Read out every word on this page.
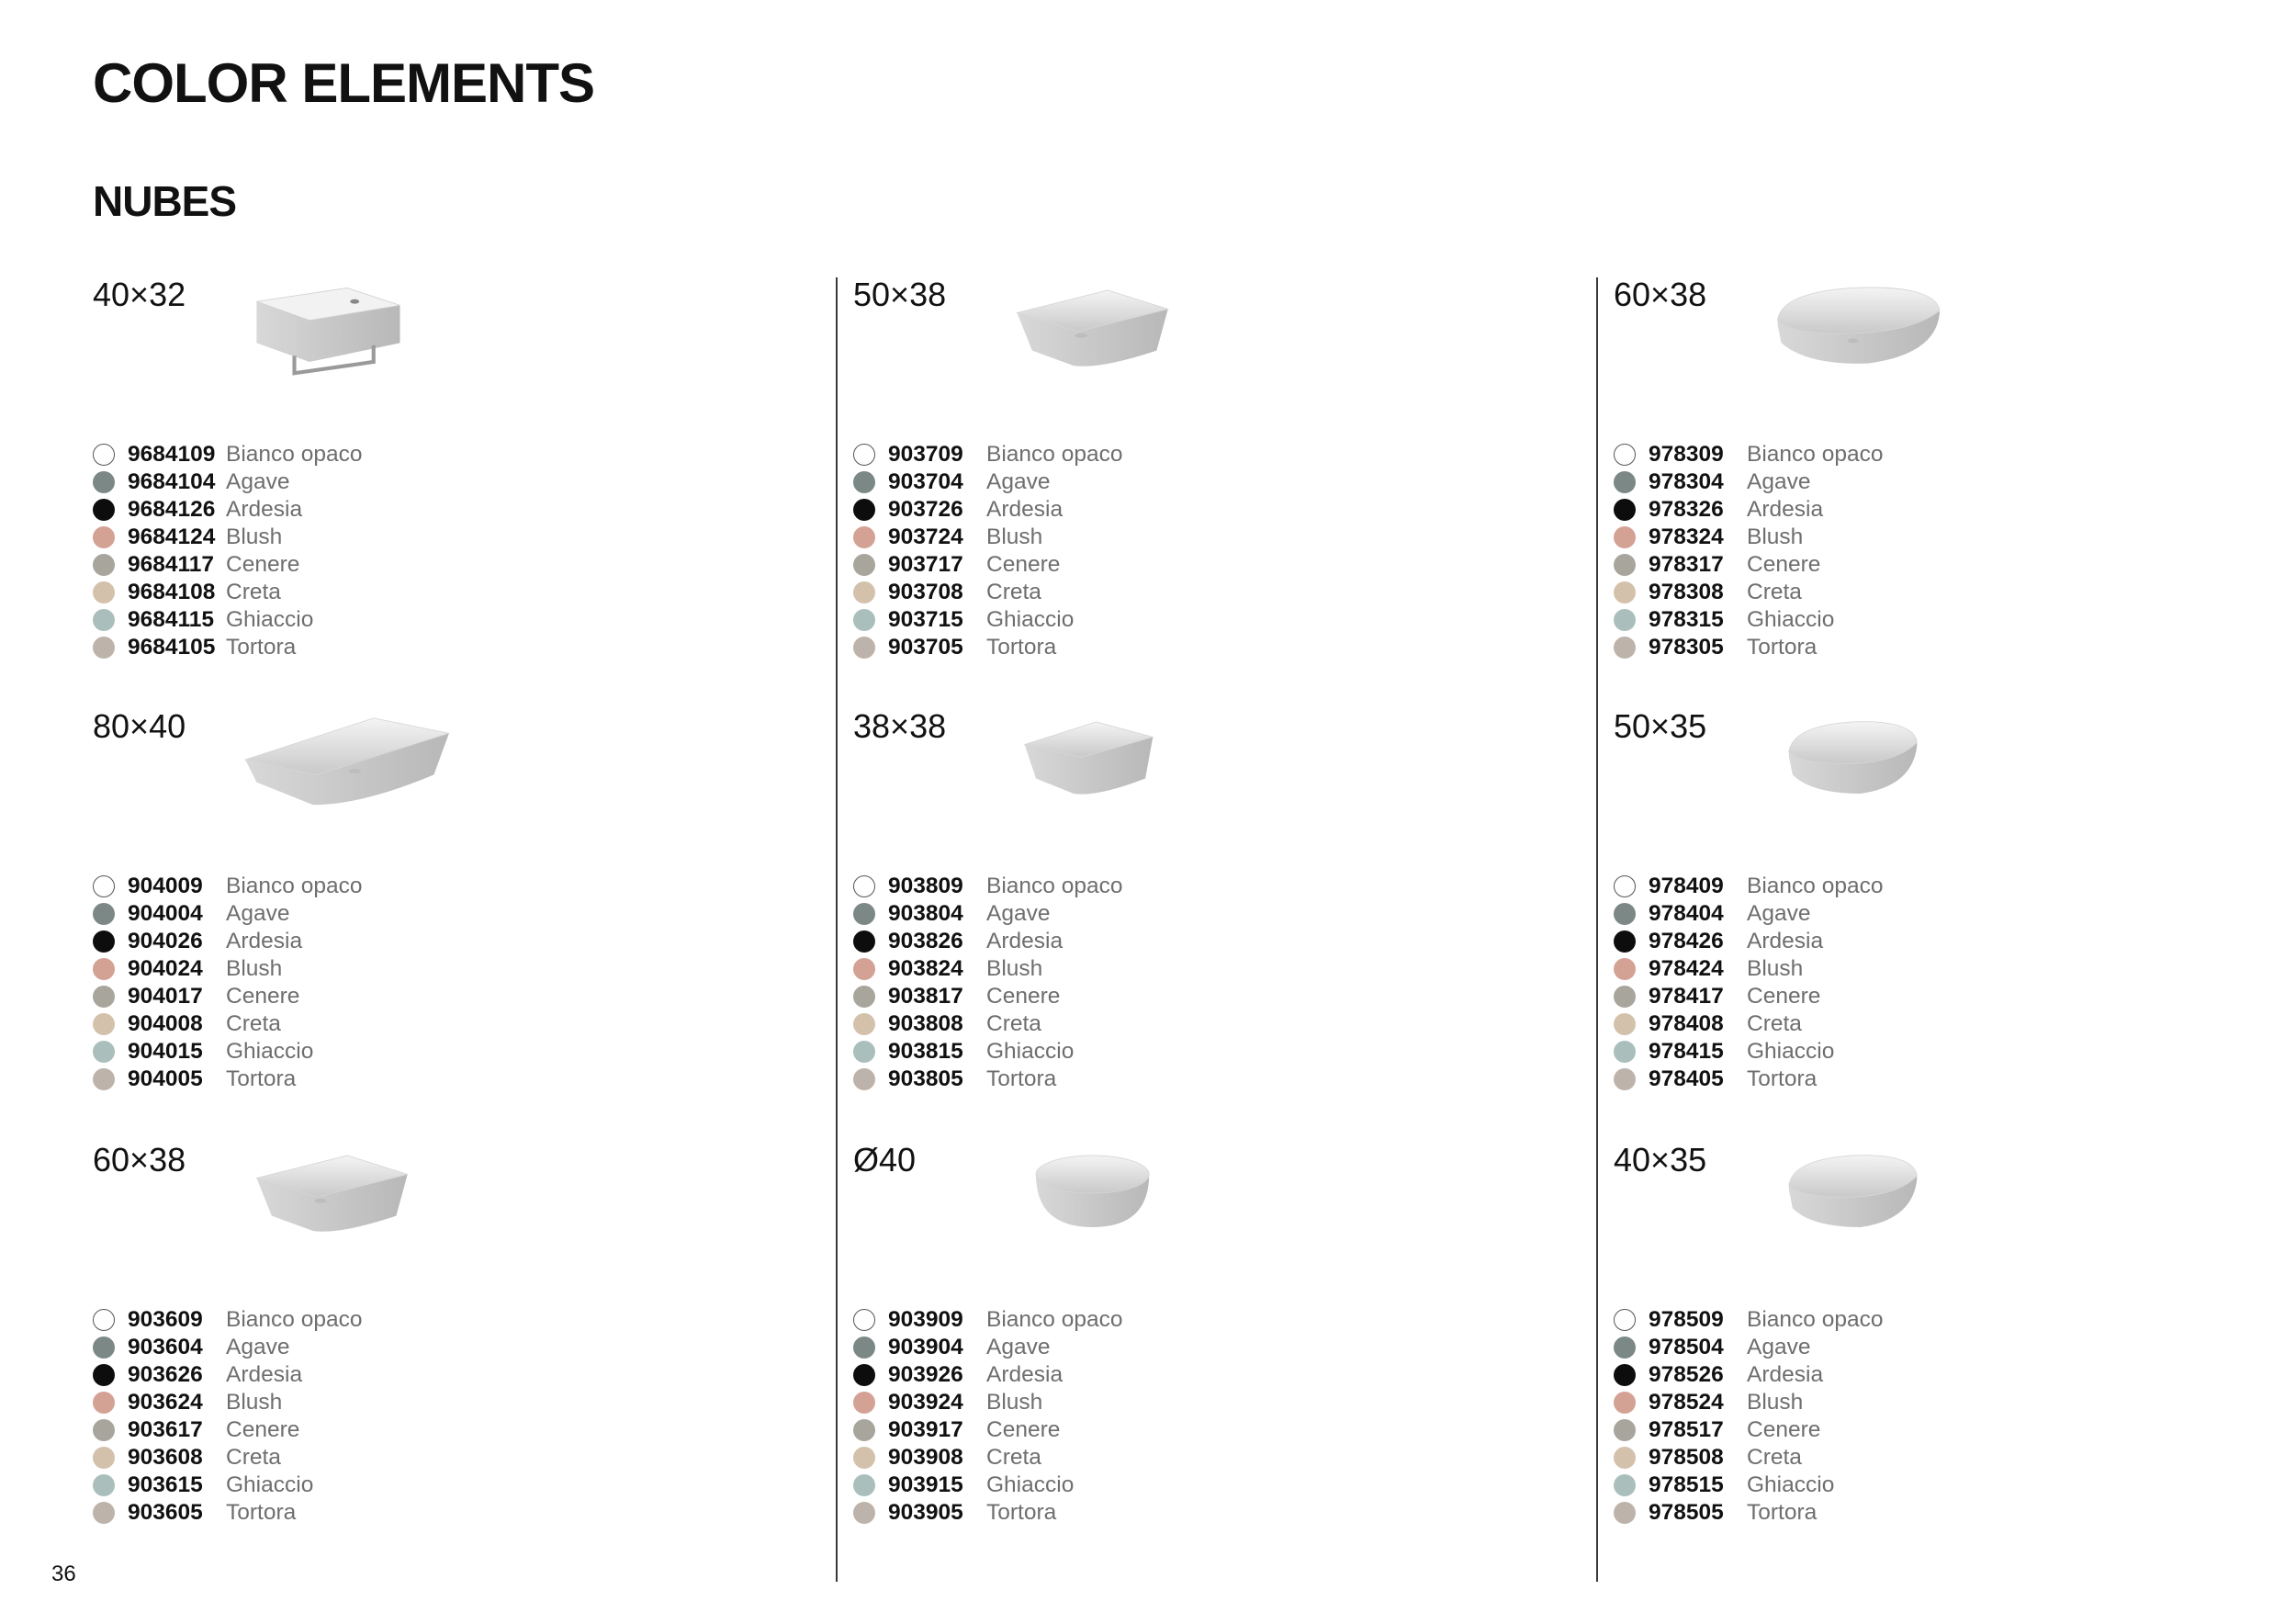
COLOR ELEMENTS
NUBES
40×32
9684109 Bianco opaco
9684104 Agave
9684126 Ardesia
9684124 Blush
9684117 Cenere
9684108 Creta
9684115 Ghiaccio
9684105 Tortora
50×38
903709	Bianco opaco
903704	Agave
903726	Ardesia
903724	Blush
903717	Cenere
903708	Creta
903715	Ghiaccio
903705	Tortora
60×38
978309	Bianco opaco
978304	Agave
978326	Ardesia
978324	Blush
978317	Cenere
978308	Creta
978315	Ghiaccio
978305	Tortora
80×40
904009	Bianco opaco
904004	Agave
904026	Ardesia
904024	Blush
904017	Cenere
904008	Creta
904015	Ghiaccio
904005	Tortora
38×38
903809	Bianco opaco
903804	Agave
903826	Ardesia
903824	Blush
903817	Cenere
903808	Creta
903815	Ghiaccio
903805	Tortora
50×35
978409	Bianco opaco
978404	Agave
978426	Ardesia
978424	Blush
978417	Cenere
978408	Creta
978415	Ghiaccio
978405	Tortora
60×38
903609	Bianco opaco
903604	Agave
903626	Ardesia
903624	Blush
903617	Cenere
903608	Creta
903615	Ghiaccio
903605	Tortora
Ø40
903909	Bianco opaco
903904	Agave
903926	Ardesia
903924	Blush
903917	Cenere
903908	Creta
903915	Ghiaccio
903905	Tortora
40×35
978509	Bianco opaco
978504	Agave
978526	Ardesia
978524	Blush
978517	Cenere
978508	Creta
978515	Ghiaccio
978505	Tortora
36
